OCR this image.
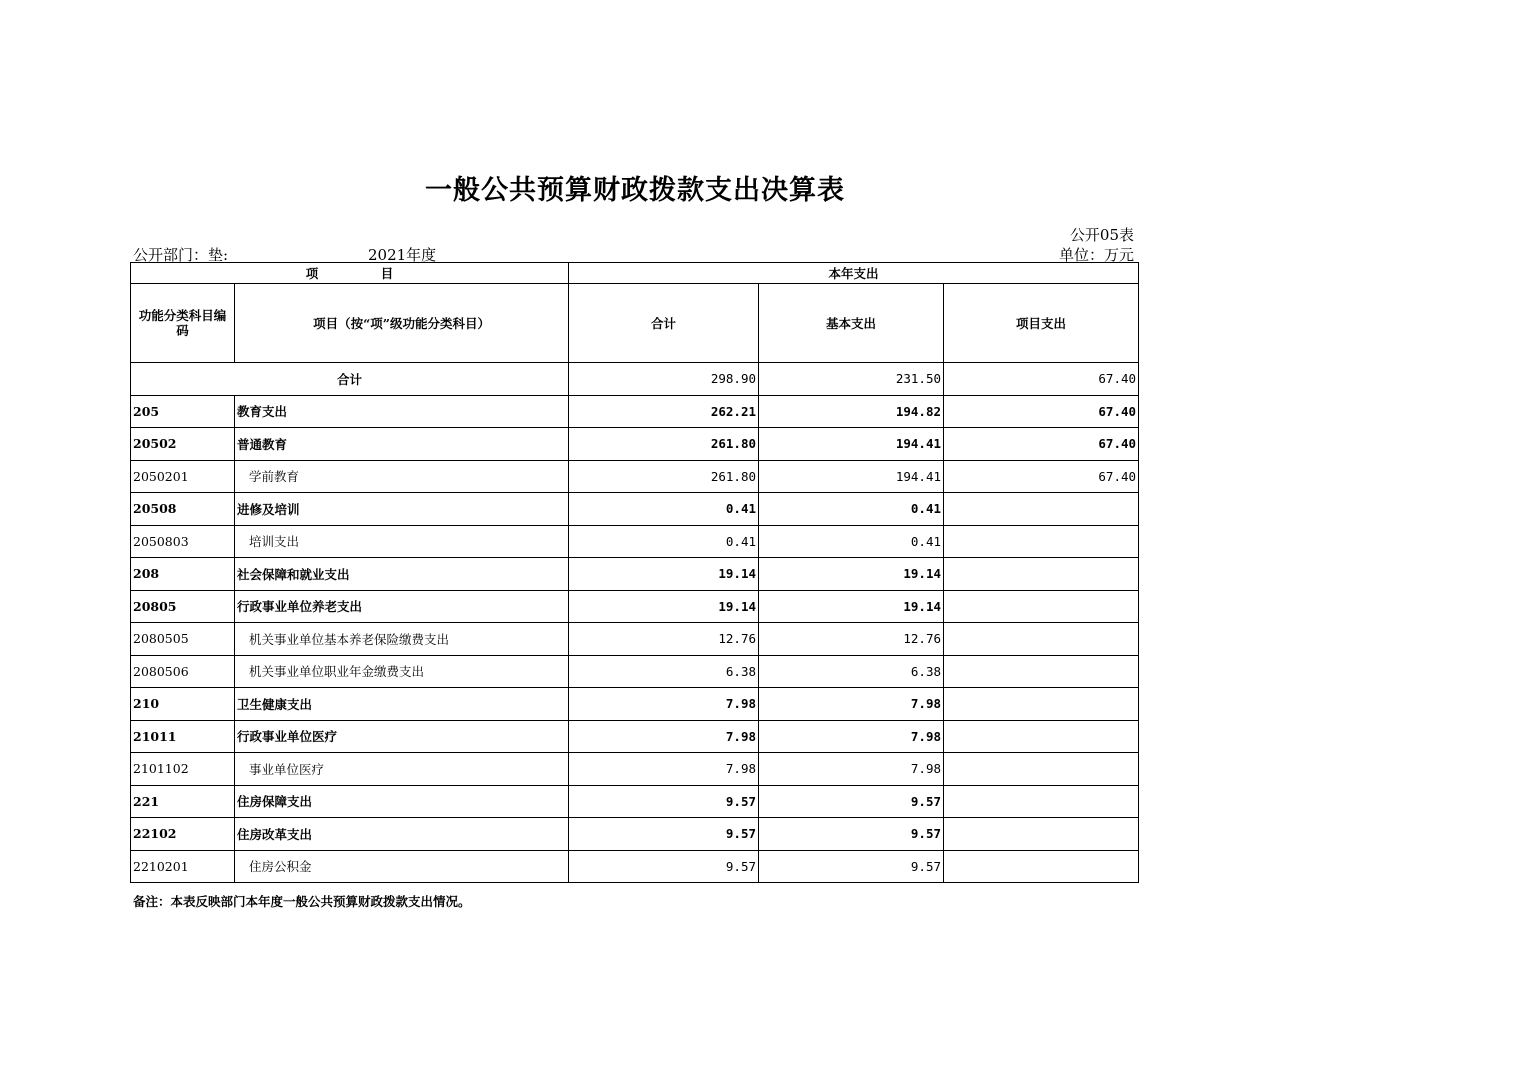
一般公共预算财政拨款支出决算表
公开05表
公开部门：垫:	2021年度	单位：万元
项　　　　　目		本年支出		
功能分类科目编码	项目（按“项”级功能分类科目）	合计	基本支出	项目支出
合计		298.90	231.50	67.40
205	教育支出	262.21	194.82	67.40
20502	普通教育	261.80	194.41	67.40
2050201	学前教育	261.80	194.41	67.40
20508	进修及培训	0.41	0.41	
2050803	培训支出	0.41	0.41	
208	社会保障和就业支出	19.14	19.14	
20805	行政事业单位养老支出	19.14	19.14	
2080505	机关事业单位基本养老保险缴费支出	12.76	12.76	
2080506	机关事业单位职业年金缴费支出	6.38	6.38	
210	卫生健康支出	7.98	7.98	
21011	行政事业单位医疗	7.98	7.98	
2101102	事业单位医疗	7.98	7.98	
221	住房保障支出	9.57	9.57	
22102	住房改革支出	9.57	9.57	
2210201	住房公积金	9.57	9.57	
备注：本表反映部门本年度一般公共预算财政拨款支出情况。
